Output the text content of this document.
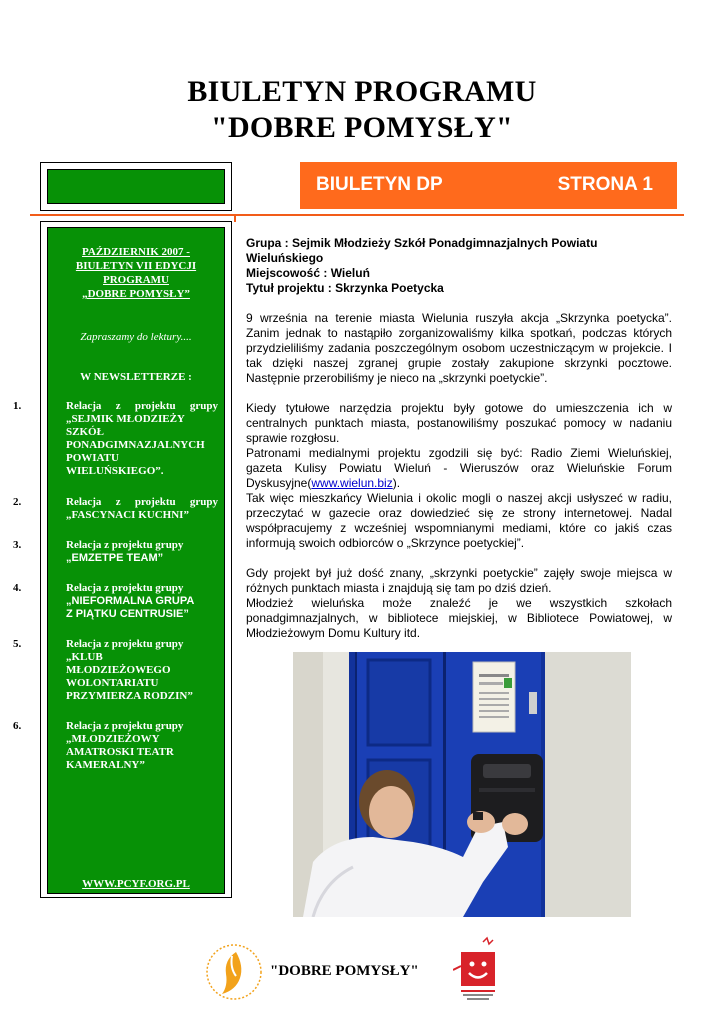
BIULETYN PROGRAMU
"DOBRE POMYSŁY"
BIULETYN DP	STRONA 1
PAŹDZIERNIK 2007 -
BIULETYN VII EDYCJI
PROGRAMU
„DOBRE POMYSŁY”
Zapraszamy do lektury....
W NEWSLETTERZE :
1.	Relacja z projektu grupy
„SEJMIK MŁODZIEŻY
SZKÓŁ
PONADGIMNAZJALNYCH
POWIATU
WIELUŃSKIEGO”.
2.	Relacja z projektu grupy
„FASCYNACI KUCHNI”
3.	Relacja z projektu grupy
„EMZETPE TEAM”
4.	Relacja z projektu grupy
„NIEFORMALNA GRUPA
Z PIĄTKU CENTRUSIE”
5.	Relacja z projektu grupy
„KLUB
MŁODZIEŻOWEGO
WOLONTARIATU
PRZYMIERZA RODZIN”
6.	Relacja z projektu grupy
„MŁODZIEŻOWY
AMATROSKI TEATR
KAMERALNY”
WWW.PCYF.ORG.PL
Grupa : Sejmik Młodzieży Szkół Ponadgimnazjalnych Powiatu Wieluńskiego
Miejscowość : Wieluń
Tytuł projektu : Skrzynka Poetycka

9 września na terenie miasta Wielunia ruszyła akcja „Skrzynka poetycka”. Zanim jednak to nastąpiło zorganizowaliśmy kilka spotkań, podczas których przydzieliliśmy zadania poszczególnym osobom uczestniczącym w projekcie. I tak dzięki naszej zgranej grupie zostały zakupione skrzynki pocztowe. Następnie przerobiliśmy je nieco na „skrzynki poetyckie”.

Kiedy tytułowe narzędzia projektu były gotowe do umieszczenia ich w centralnych punktach miasta, postanowiliśmy poszukać pomocy w nadaniu sprawie rozgłosu.

Patronami medialnymi projektu zgodzili się być: Radio Ziemi Wieluńskiej, gazeta Kulisy Powiatu Wieluń - Wieruszów oraz Wieluńskie Forum Dyskusyjne(www.wielun.biz).

Tak więc mieszkańcy Wielunia i okolic mogli o naszej akcji usłyszeć w radiu, przeczytać w gazecie oraz dowiedzieć się ze strony internetowej. Nadal współpracujemy z wcześniej wspomnianymi mediami, które co jakiś czas informują swoich odbiorców o „Skrzynce poetyckiej”.

Gdy projekt był już dość znany, „skrzynki poetyckie” zajęły swoje miejsca w różnych punktach miasta i znajdują się tam po dziś dzień.

Młodzież wieluńska może znaleźć je we wszystkich szkołach ponadgimnazjalnych, w bibliotece miejskiej, w Bibliotece Powiatowej, w Młodzieżowym Domu Kultury itd.

"DOBRE POMYSŁY"
